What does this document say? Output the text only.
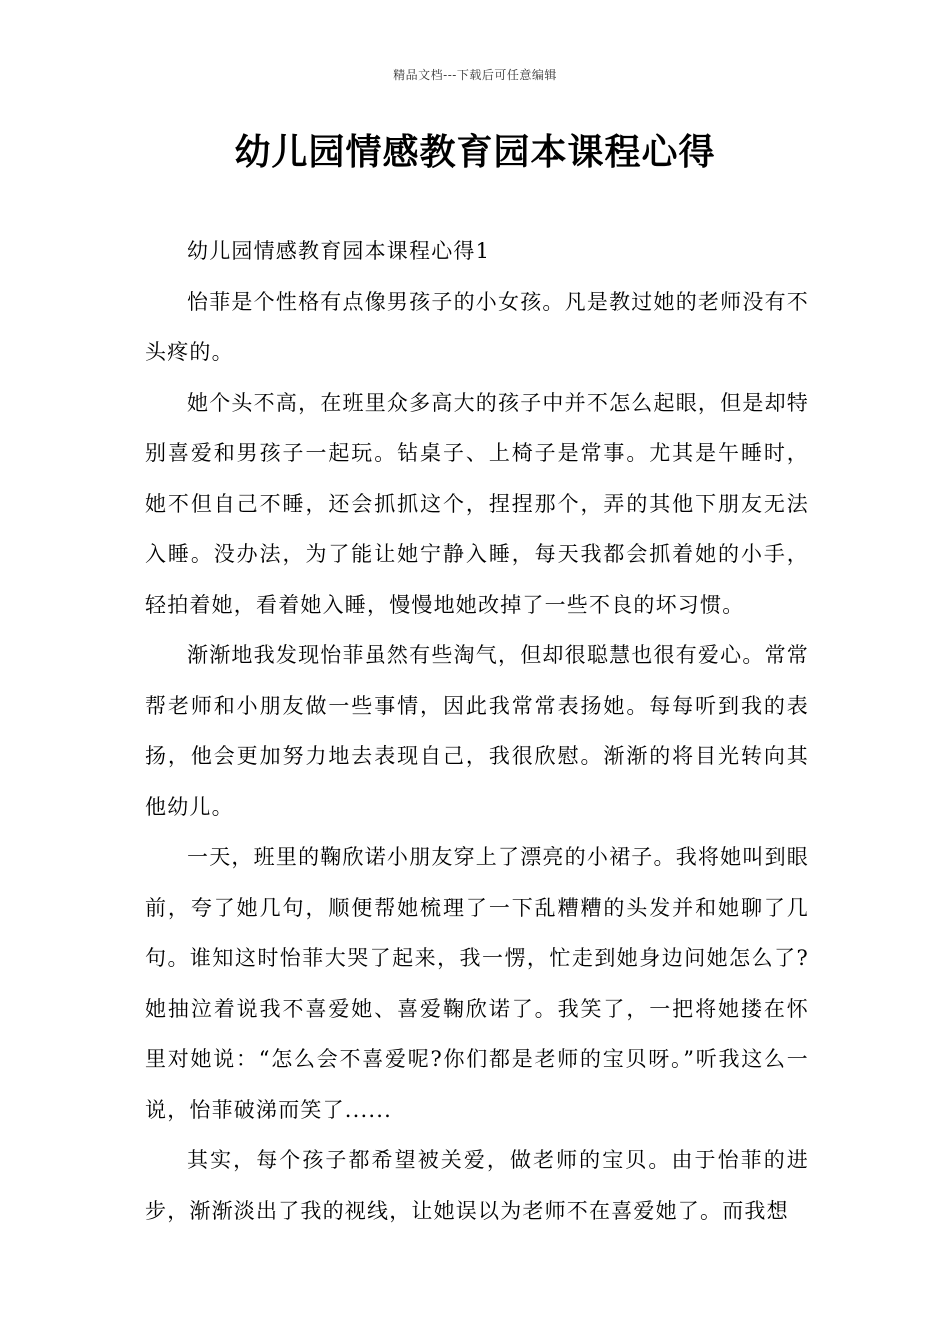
精品文档---下载后可任意编辑
幼儿园情感教育园本课程心得

幼儿园情感教育园本课程心得1

怡菲是个性格有点像男孩子的小女孩。凡是教过她的老师没有不头疼的。

她个头不高，在班里众多高大的孩子中并不怎么起眼，但是却特别喜爱和男孩子一起玩。钻桌子、上椅子是常事。尤其是午睡时，她不但自己不睡，还会抓抓这个，捏捏那个，弄的其他下朋友无法入睡。没办法，为了能让她宁静入睡，每天我都会抓着她的小手，轻拍着她，看着她入睡，慢慢地她改掉了一些不良的坏习惯。

渐渐地我发现怡菲虽然有些淘气，但却很聪慧也很有爱心。常常帮老师和小朋友做一些事情，因此我常常表扬她。每每听到我的表扬，他会更加努力地去表现自己，我很欣慰。渐渐的将目光转向其他幼儿。

一天，班里的鞠欣诺小朋友穿上了漂亮的小裙子。我将她叫到眼前，夸了她几句，顺便帮她梳理了一下乱糟糟的头发并和她聊了几句。谁知这时怡菲大哭了起来，我一愣，忙走到她身边问她怎么了?她抽泣着说我不喜爱她、喜爱鞠欣诺了。我笑了，一把将她搂在怀里对她说：“怎么会不喜爱呢?你们都是老师的宝贝呀。”听我这么一说，怡菲破涕而笑了......

其实，每个孩子都希望被关爱，做老师的宝贝。由于怡菲的进步，渐渐淡出了我的视线，让她误以为老师不在喜爱她了。而我想
